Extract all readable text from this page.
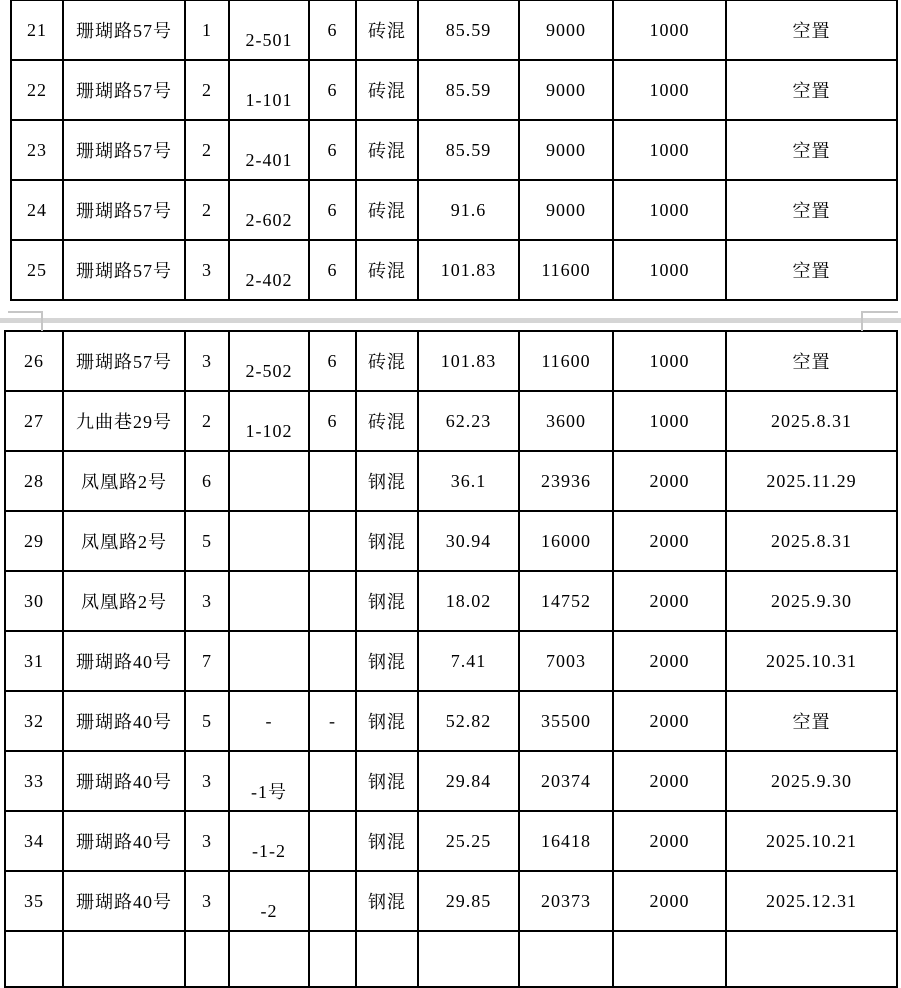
21	珊瑚路57号	1	2-501	6	砖混	85.59	9000	1000	空置
22	珊瑚路57号	2	1-101	6	砖混	85.59	9000	1000	空置
23	珊瑚路57号	2	2-401	6	砖混	85.59	9000	1000	空置
24	珊瑚路57号	2	2-602	6	砖混	91.6	9000	1000	空置
25	珊瑚路57号	3	2-402	6	砖混	101.83	11600	1000	空置
26	珊瑚路57号	3	2-502	6	砖混	101.83	11600	1000	空置
27	九曲巷29号	2	1-102	6	砖混	62.23	3600	1000	2025.8.31
28	凤凰路2号	6			钢混	36.1	23936	2000	2025.11.29
29	凤凰路2号	5			钢混	30.94	16000	2000	2025.8.31
30	凤凰路2号	3			钢混	18.02	14752	2000	2025.9.30
31	珊瑚路40号	7			钢混	7.41	7003	2000	2025.10.31
32	珊瑚路40号	5	-	-	钢混	52.82	35500	2000	空置
33	珊瑚路40号	3	-1号		钢混	29.84	20374	2000	2025.9.30
34	珊瑚路40号	3	-1-2		钢混	25.25	16418	2000	2025.10.21
35	珊瑚路40号	3	-2		钢混	29.85	20373	2000	2025.12.31
